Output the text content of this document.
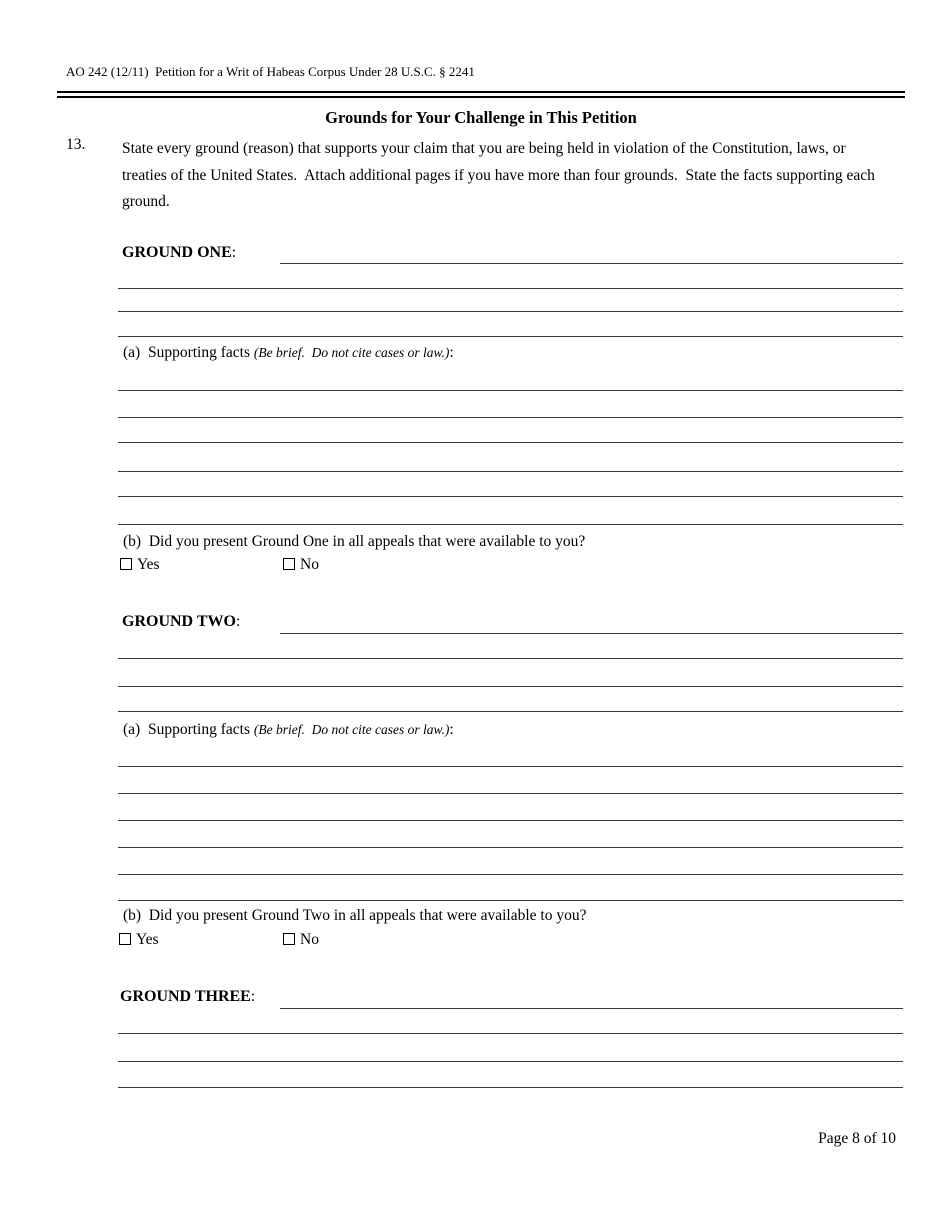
AO 242 (12/11)  Petition for a Writ of Habeas Corpus Under 28 U.S.C. § 2241
Grounds for Your Challenge in This Petition
13. State every ground (reason) that supports your claim that you are being held in violation of the Constitution, laws, or treaties of the United States.  Attach additional pages if you have more than four grounds.  State the facts supporting each ground.
GROUND ONE:
(a)  Supporting facts (Be brief.  Do not cite cases or law.):
(b)  Did you present Ground One in all appeals that were available to you?
Yes	No
GROUND TWO:
(a)  Supporting facts (Be brief.  Do not cite cases or law.):
(b)  Did you present Ground Two in all appeals that were available to you?
Yes	No
GROUND THREE:
Page 8 of 10
